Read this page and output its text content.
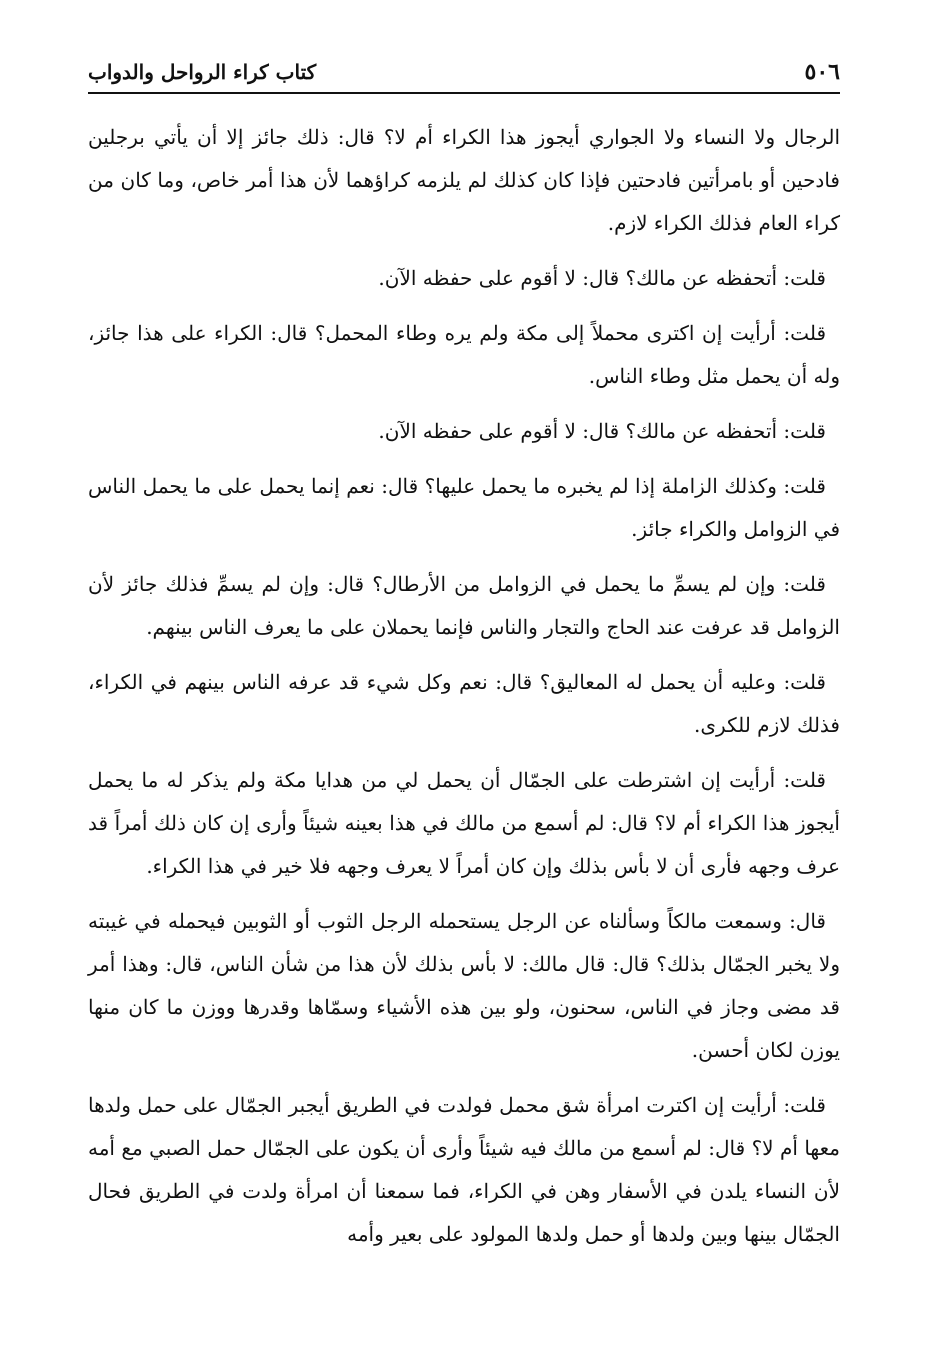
٥٠٦
كتاب كراء الرواحل والدواب

الرجال ولا النساء ولا الجواري أيجوز هذا الكراء أم لا؟ قال: ذلك جائز إلا أن يأتي برجلين فادحين أو بامرأتين فادحتين فإذا كان كذلك لم يلزمه كراؤهما لأن هذا أمر خاص، وما كان من كراء العام فذلك الكراء لازم.

قلت: أتحفظه عن مالك؟ قال: لا أقوم على حفظه الآن.

قلت: أرأيت إن اكترى محملاً إلى مكة ولم يره وطاء المحمل؟ قال: الكراء على هذا جائز، وله أن يحمل مثل وطاء الناس.

قلت: أتحفظه عن مالك؟ قال: لا أقوم على حفظه الآن.

قلت: وكذلك الزاملة إذا لم يخبره ما يحمل عليها؟ قال: نعم إنما يحمل على ما يحمل الناس في الزوامل والكراء جائز.

قلت: وإن لم يسمِّ ما يحمل في الزوامل من الأرطال؟ قال: وإن لم يسمِّ فذلك جائز لأن الزوامل قد عرفت عند الحاج والتجار والناس فإنما يحملان على ما يعرف الناس بينهم.

قلت: وعليه أن يحمل له المعاليق؟ قال: نعم وكل شيء قد عرفه الناس بينهم في الكراء، فذلك لازم للكرى.

قلت: أرأيت إن اشترطت على الجمّال أن يحمل لي من هدايا مكة ولم يذكر له ما يحمل أيجوز هذا الكراء أم لا؟ قال: لم أسمع من مالك في هذا بعينه شيئاً وأرى إن كان ذلك أمراً قد عرف وجهه فأرى أن لا بأس بذلك وإن كان أمراً لا يعرف وجهه فلا خير في هذا الكراء.

قال: وسمعت مالكاً وسألناه عن الرجل يستحمله الرجل الثوب أو الثوبين فيحمله في غيبته ولا يخبر الجمّال بذلك؟ قال: قال مالك: لا بأس بذلك لأن هذا من شأن الناس، قال: وهذا أمر قد مضى وجاز في الناس، سحنون، ولو بين هذه الأشياء وسمّاها وقدرها ووزن ما كان منها يوزن لكان أحسن.

قلت: أرأيت إن اكترت امرأة شق محمل فولدت في الطريق أيجبر الجمّال على حمل ولدها معها أم لا؟ قال: لم أسمع من مالك فيه شيئاً وأرى أن يكون على الجمّال حمل الصبي مع أمه لأن النساء يلدن في الأسفار وهن في الكراء، فما سمعنا أن امرأة ولدت في الطريق فحال الجمّال بينها وبين ولدها أو حمل ولدها المولود على بعير وأمه
